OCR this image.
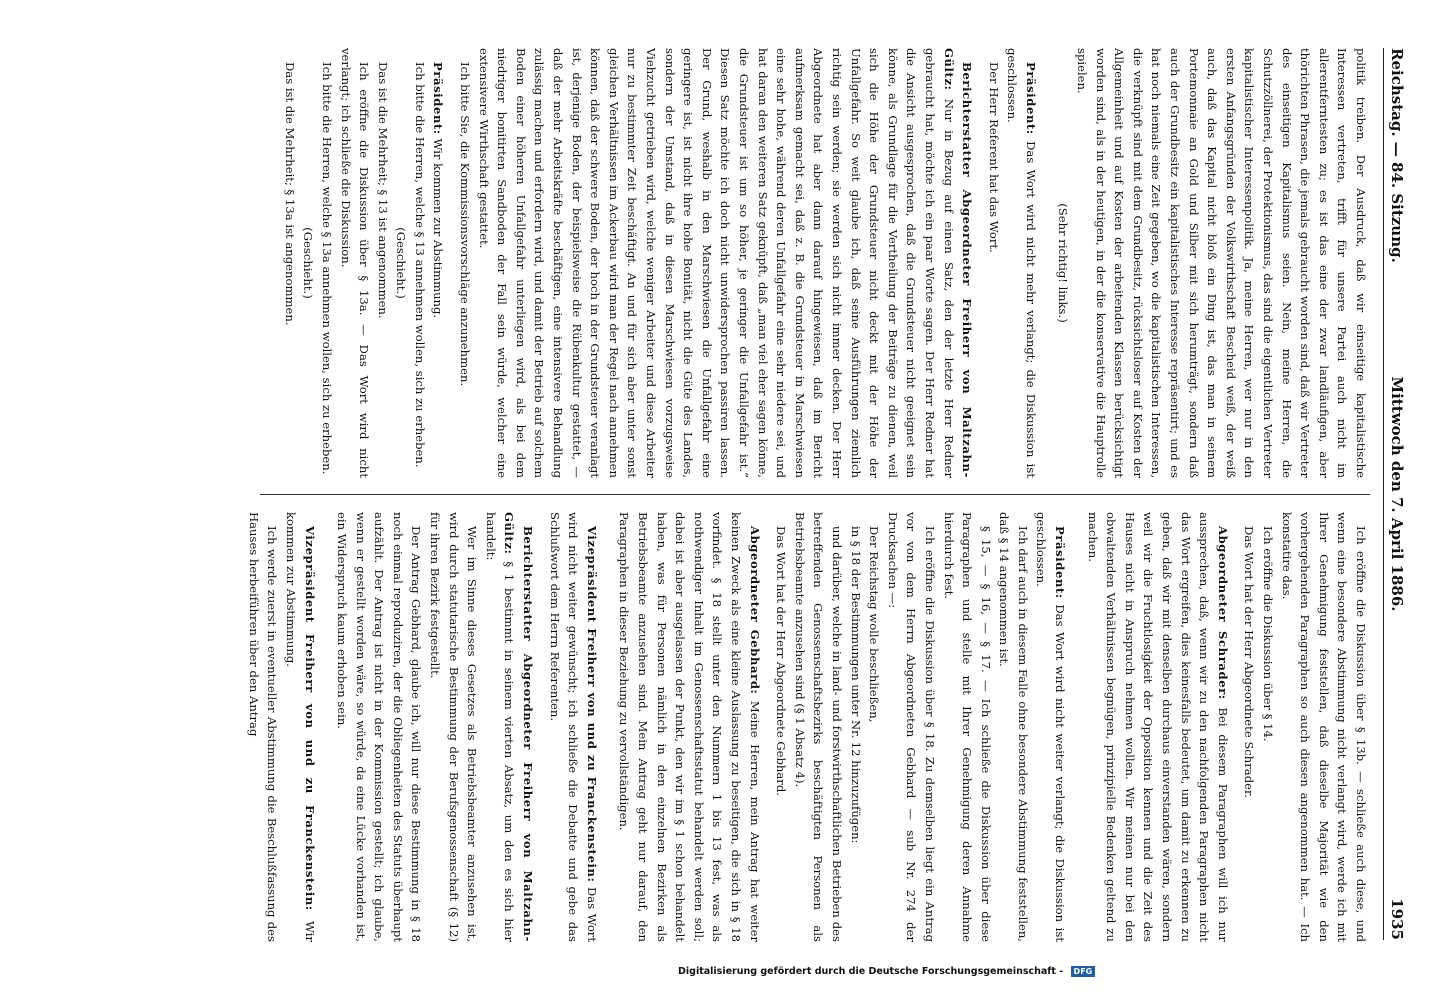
Reichstag. — 84. Sitzung.
Mittwoch den 7. April 1886.
1935

politik treiben. Der Ausdruck, daß wir einseitige kapitalistische Interessen vertreten, trifft für unsere Partei auch nicht im allerentferntesten zu; es ist das eine der zwar landläufigen, aber thörichten Phrasen, die jemals gebraucht worden sind, daß wir Vertreter des einseitigen Kapitalismus seien. Nein, meine Herren, die Schutzzöllnerei, der Protektionismus, das sind die eigentlichen Vertreter kapitalistischer Interessenpolitik. Ja, meine Herren, wer nur in den ersten Anfangsgründen der Volkswirthschaft Bescheid weiß, der weiß auch, daß das Kapital nicht bloß ein Ding ist, das man in seinem Portemonnaie an Gold und Silber mit sich herumträgt, sondern daß auch der Grundbesitz ein kapitalistisches Interesse repräsentirt; und es hat noch niemals eine Zeit gegeben, wo die kapitalistischen Interessen, die verknüpft sind mit dem Grundbesitz, rücksichtsloser auf Kosten der Allgemeinheit und auf Kosten der arbeitenden Klassen berücksichtigt worden sind, als in der heutigen, in der die konservative die Hauptrolle spielen.

(Sehr richtig! links.)

Präsident: Das Wort wird nicht mehr verlangt; die Diskussion ist geschlossen.

Der Herr Referent hat das Wort.

Berichterstatter Abgeordneter Freiherr von Maltzahn-Gültz: Nur in Bezug auf einen Satz, den der letzte Herr Redner gebraucht hat, möchte ich ein paar Worte sagen. Der Herr Redner hat die Ansicht ausgesprochen, daß die Grundsteuer nicht geeignet sein könne, als Grundlage für die Vertheilung der Beiträge zu dienen, weil sich die Höhe der Grundsteuer nicht deckt mit der Höhe der Unfallgefahr. So weit glaube ich, daß seine Ausführungen ziemlich richtig sein werden; sie werden sich nicht immer decken. Der Herr Abgeordnete hat aber dann darauf hingewiesen, daß im Bericht aufmerksam gemacht sei, daß z. B. die Grundsteuer in Marschwiesen eine sehr hohe, während deren Unfallgefahr eine sehr niedere sei, und hat daran den weiteren Satz geknüpft, daß „man viel eher sagen könne, die Grundsteuer ist um so höher, je geringer die Unfallgefahr ist.“ Diesen Satz möchte ich doch nicht unwidersprochen passiren lassen. Der Grund, weshalb in den Marschwiesen die Unfallgefahr eine geringere ist, ist nicht ihre hohe Bonität, nicht die Güte des Landes, sondern der Umstand, daß in diesen Marschwiesen vorzugsweise Viehzucht getrieben wird, welche weniger Arbeiter und diese Arbeiter nur zu bestimmter Zeit beschäftigt. An und für sich aber unter sonst gleichen Verhältnissen im Ackerbau wird man der Regel nach annehmen können, daß der schwere Boden, der hoch in der Grundsteuer veranlagt ist, derjenige Boden, der beispielsweise die Rübenkultur gestattet, — daß der mehr Arbeitskräfte beschäftigen, eine intensivere Behandlung zulässig machen und erfordern wird, und damit der Betrieb auf solchem Boden einer höheren Unfallgefahr unterliegen wird, als bei dem niedriger bonitirten Sandboden der Fall sein würde, welcher eine extensivere Wirthschaft gestattet.

Ich bitte Sie, die Kommissionsvorschläge anzunehmen.

Präsident: Wir kommen zur Abstimmung.

Ich bitte die Herren, welche § 13 annehmen wollen, sich zu erheben.

(Geschieht.)

Das ist die Mehrheit; § 13 ist angenommen.

Ich eröffne die Diskussion über § 13a. — Das Wort wird nicht verlangt; ich schließe die Diskussion.

Ich bitte die Herren, welche § 13a annehmen wollen, sich zu erheben.

(Geschieht.)

Das ist die Mehrheit; § 13a ist angenommen.

Ich eröffne die Diskussion über § 13b. — schließe auch diese, und wenn eine besondere Abstimmung nicht verlangt wird, werde ich mit Ihrer Genehmigung feststellen, daß dieselbe Majorität wie den vorhergehenden Paragraphen so auch diesen angenommen hat. — Ich konstatire das.

Ich eröffne die Diskussion über § 14.

Das Wort hat der Herr Abgeordnete Schrader.

Abgeordneter Schrader: Bei diesem Paragraphen will ich nur aussprechen, daß, wenn wir zu den nachfolgenden Paragraphen nicht das Wort ergreifen, dies keinesfalls bedeutet, um damit zu erkennen zu geben, daß wir mit denselben durchaus einverstanden wären, sondern weil wir die Fruchtlosigkeit der Opposition kennen und die Zeit des Hauses nicht in Anspruch nehmen wollen. Wir meinen nur bei den obwaltenden Verhältnissen begnügen, prinzipielle Bedenken geltend zu machen.

Präsident: Das Wort wird nicht weiter verlangt; die Diskussion ist geschlossen.

Ich darf auch in diesem Falle ohne besondere Abstimmung feststellen, daß § 14 angenommen ist.

§ 15, — § 16, — § 17. — Ich schließe die Diskussion über diese Paragraphen und stelle mit Ihrer Genehmigung deren Annahme hierdurch fest.

Ich eröffne die Diskussion über § 18. Zu demselben liegt ein Antrag vor von dem Herrn Abgeordneten Gebhard — sub Nr. 274 der Drucksachen —:

Der Reichstag wolle beschließen,

in § 18 der Bestimmungen unter Nr. 12 hinzuzufügen:

und darüber, welche in land- und forstwirthschaftlichen Betrieben des betreffenden Genossenschaftsbezirks beschäftigten Personen als Betriebsbeamte anzusehen sind (§ 1 Absatz 4).

Das Wort hat der Herr Abgeordnete Gebhard.

Abgeordneter Gebhard: Meine Herren, mein Antrag hat weiter keinen Zweck als eine kleine Auslassung zu beseitigen, die sich in § 18 vorfindet. § 18 stellt unter den Nummern 1 bis 13 fest, was als nothwendiger Inhalt im Genossenschaftsstatut behandelt werden soll; dabei ist aber ausgelassen der Punkt, den wir im § 1 schon behandelt haben, was für Personen nämlich in den einzelnen Bezirken als Betriebsbeamte anzusehen sind. Mein Antrag geht nur darauf, den Paragraphen in dieser Beziehung zu vervollständigen.

Vizepräsident Freiherr von und zu Franckenstein: Das Wort wird nicht weiter gewünscht; ich schließe die Debatte und gebe das Schlußwort dem Herrn Referenten.

Berichterstatter Abgeordneter Freiherr von Maltzahn-Gültz: § 1 bestimmt in seinem vierten Absatz, um den es sich hier handelt:

Wer im Sinne dieses Gesetzes als Betriebsbeamter anzusehen ist, wird durch statutarische Bestimmung der Berufsgenossenschaft (§ 12) für ihren Bezirk festgestellt.

Der Antrag Gebhard, glaube ich, will nur diese Bestimmung in § 18 noch einmal reproduziren, der die Obliegenheiten des Statuts überhaupt aufzählt. Der Antrag ist nicht in der Kommission gestellt; ich glaube, wenn er gestellt worden wäre, so würde, da eine Lücke vorhanden ist, ein Widerspruch kaum erhoben sein.

Vizepräsident Freiherr von und zu Franckenstein: Wir kommen zur Abstimmung.

Ich werde zuerst in eventueller Abstimmung die Beschlußfassung des Hauses herbeiführen über den Antrag

Digitalisierung gefördert durch die Deutsche Forschungsgemeinschaft - DFG
